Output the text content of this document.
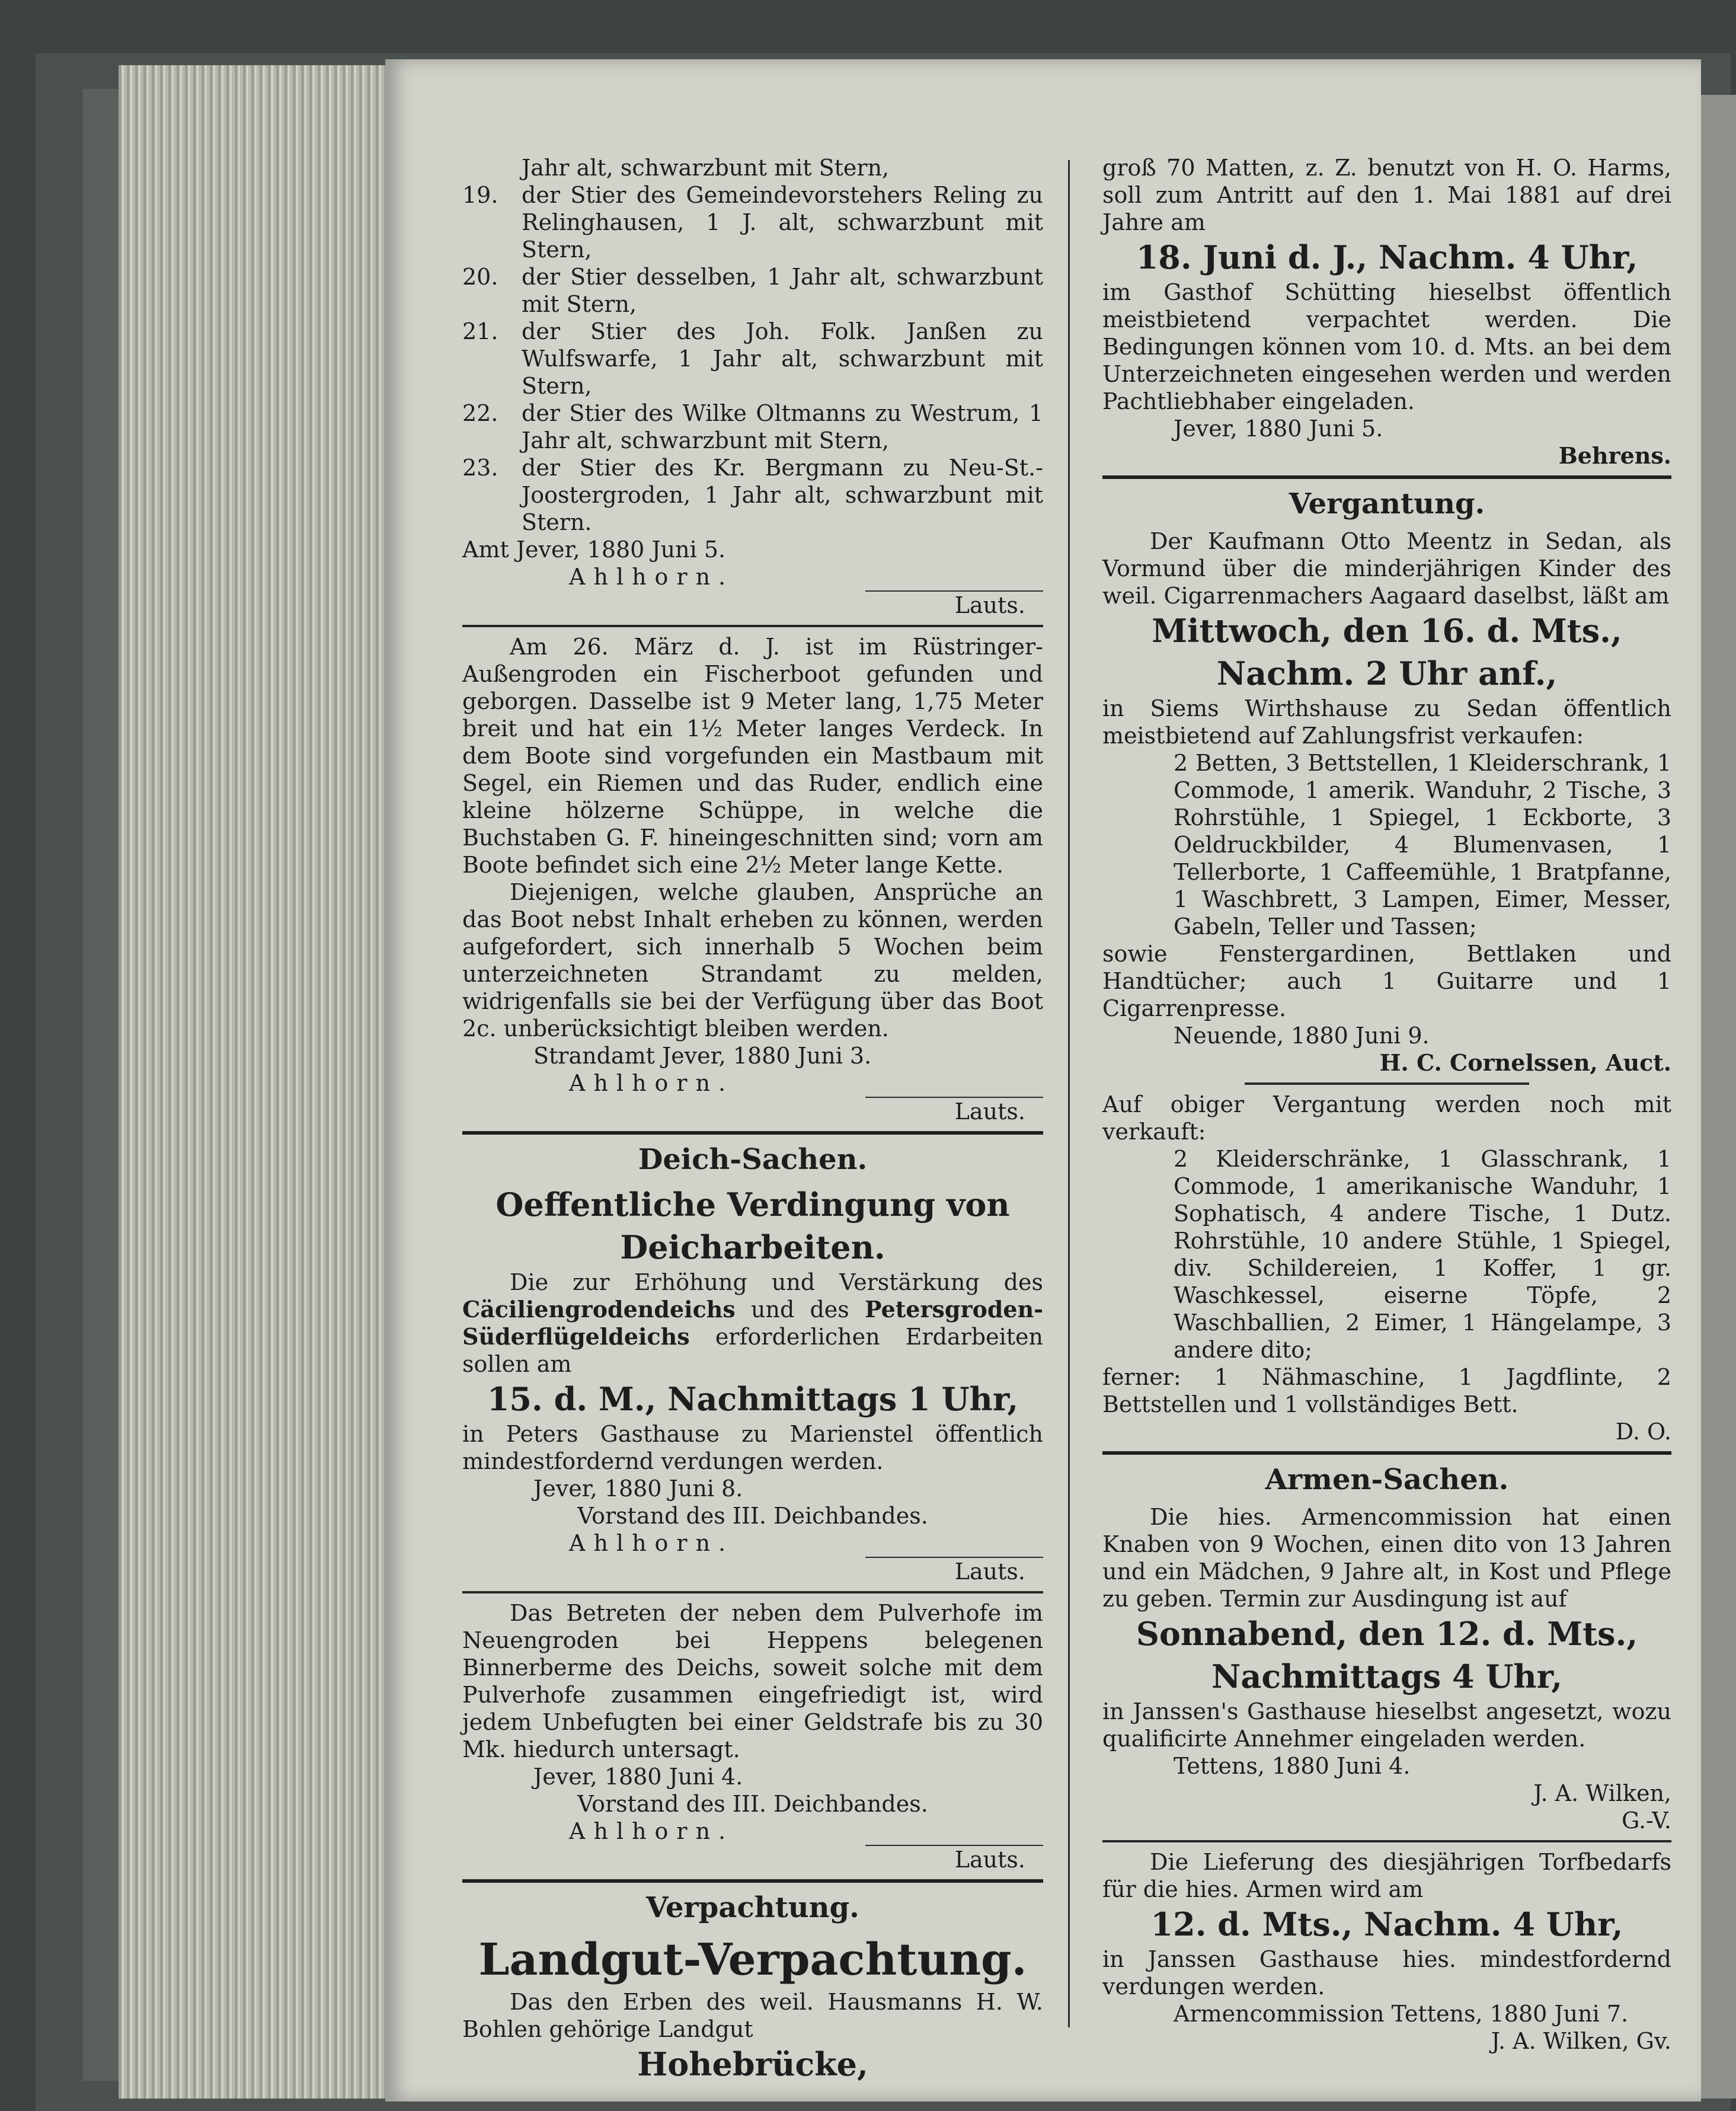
Jahr alt, schwarzbunt mit Stern,
19.	der Stier des Gemeindevorstehers Reling zu Relinghausen, 1 J. alt, schwarzbunt mit Stern,
20.	der Stier desselben, 1 Jahr alt, schwarzbunt mit Stern,
21.	der Stier des Joh. Folk. Janßen zu Wulfswarfe, 1 Jahr alt, schwarzbunt mit Stern,
22.	der Stier des Wilke Oltmanns zu Westrum, 1 Jahr alt, schwarzbunt mit Stern,
23.	der Stier des Kr. Bergmann zu Neu-St.-Joostergroden, 1 Jahr alt, schwarzbunt mit Stern.
Amt Jever, 1880 Juni 5.
Ahlhorn.
Lauts.
Am 26. März d. J. ist im Rüstringer-Außengroden ein Fischerboot gefunden und geborgen. Dasselbe ist 9 Meter lang, 1,75 Meter breit und hat ein 1½ Meter langes Verdeck. In dem Boote sind vorgefunden ein Mastbaum mit Segel, ein Riemen und das Ruder, endlich eine kleine hölzerne Schüppe, in welche die Buchstaben G. F. hineingeschnitten sind; vorn am Boote befindet sich eine 2½ Meter lange Kette.
Diejenigen, welche glauben, Ansprüche an das Boot nebst Inhalt erheben zu können, werden aufgefordert, sich innerhalb 5 Wochen beim unterzeichneten Strandamt zu melden, widrigenfalls sie bei der Verfügung über das Boot 2c. unberücksichtigt bleiben werden.
Strandamt Jever, 1880 Juni 3.
Ahlhorn.
Lauts.
Deich-Sachen.
Oeffentliche Verdingung von
Deicharbeiten.
Die zur Erhöhung und Verstärkung des Cäciliengrodendeichs und des Petersgroden-Süderflügeldeichs erforderlichen Erdarbeiten sollen am
15. d. M., Nachmittags 1 Uhr,
in Peters Gasthause zu Marienstel öffentlich mindestfordernd verdungen werden.
Jever, 1880 Juni 8.
Vorstand des III. Deichbandes.
Ahlhorn.
Lauts.
Das Betreten der neben dem Pulverhofe im Neuengroden bei Heppens belegenen Binnerberme des Deichs, soweit solche mit dem Pulverhofe zusammen eingefriedigt ist, wird jedem Unbefugten bei einer Geldstrafe bis zu 30 Mk. hiedurch untersagt.
Jever, 1880 Juni 4.
Vorstand des III. Deichbandes.
Ahlhorn.
Lauts.
Verpachtung.
Landgut-Verpachtung.
Das den Erben des weil. Hausmanns H. W. Bohlen gehörige Landgut
Hohebrücke,
groß 70 Matten, z. Z. benutzt von H. O. Harms, soll zum Antritt auf den 1. Mai 1881 auf drei Jahre am
18. Juni d. J., Nachm. 4 Uhr,
im Gasthof Schütting hieselbst öffentlich meistbietend verpachtet werden. Die Bedingungen können vom 10. d. Mts. an bei dem Unterzeichneten eingesehen werden und werden Pachtliebhaber eingeladen.
Jever, 1880 Juni 5.
Behrens.
Vergantung.
Der Kaufmann Otto Meentz in Sedan, als Vormund über die minderjährigen Kinder des weil. Cigarrenmachers Aagaard daselbst, läßt am
Mittwoch, den 16. d. Mts.,
Nachm. 2 Uhr anf.,
in Siems Wirthshause zu Sedan öffentlich meistbietend auf Zahlungsfrist verkaufen:
2 Betten, 3 Bettstellen, 1 Kleiderschrank, 1 Commode, 1 amerik. Wanduhr, 2 Tische, 3 Rohrstühle, 1 Spiegel, 1 Eckborte, 3 Oeldruckbilder, 4 Blumenvasen, 1 Tellerborte, 1 Caffeemühle, 1 Bratpfanne, 1 Waschbrett, 3 Lampen, Eimer, Messer, Gabeln, Teller und Tassen;
sowie Fenstergardinen, Bettlaken und Handtücher; auch 1 Guitarre und 1 Cigarrenpresse.
Neuende, 1880 Juni 9.
H. C. Cornelssen, Auct.
Auf obiger Vergantung werden noch mit verkauft:
2 Kleiderschränke, 1 Glasschrank, 1 Commode, 1 amerikanische Wanduhr, 1 Sophatisch, 4 andere Tische, 1 Dutz. Rohrstühle, 10 andere Stühle, 1 Spiegel, div. Schildereien, 1 Koffer, 1 gr. Waschkessel, eiserne Töpfe, 2 Waschballien, 2 Eimer, 1 Hängelampe, 3 andere dito;
ferner: 1 Nähmaschine, 1 Jagdflinte, 2 Bettstellen und 1 vollständiges Bett.
D. O.
Armen-Sachen.
Die hies. Armencommission hat einen Knaben von 9 Wochen, einen dito von 13 Jahren und ein Mädchen, 9 Jahre alt, in Kost und Pflege zu geben. Termin zur Ausdingung ist auf
Sonnabend, den 12. d. Mts.,
Nachmittags 4 Uhr,
in Janssen's Gasthause hieselbst angesetzt, wozu qualificirte Annehmer eingeladen werden.
Tettens, 1880 Juni 4.
J. A. Wilken,
G.-V.
Die Lieferung des diesjährigen Torfbedarfs für die hies. Armen wird am
12. d. Mts., Nachm. 4 Uhr,
in Janssen Gasthause hies. mindestfordernd verdungen werden.
Armencommission Tettens, 1880 Juni 7.
J. A. Wilken, Gv.
